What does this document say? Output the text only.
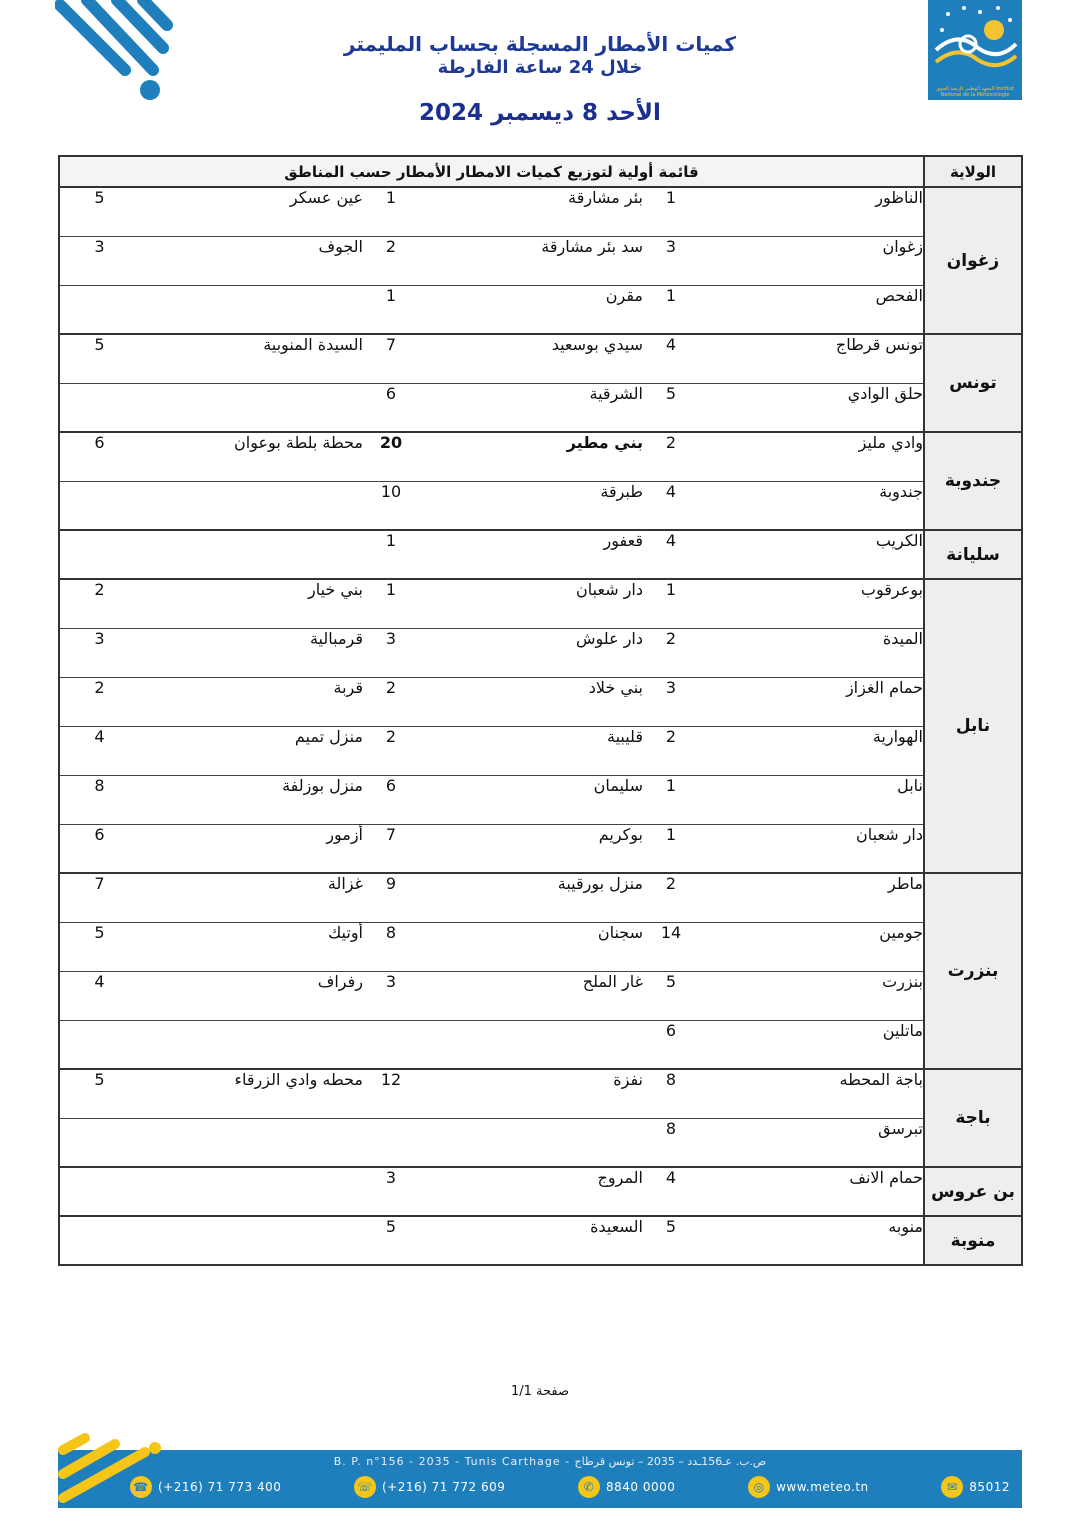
المعهد الوطني للرصد الجوي Institut National de la Météorologie
كميات الأمطار المسجلة بحساب المليمتر
خلال 24 ساعة الفارطة
الأحد 8 ديسمبر 2024
الولاية	قائمة أولية لتوزيع كميات الامطار الأمطار حسب المناطق					
زغوان	الناظور	1	بئر مشارقة	1	عين عسكر	5

	زغوان	3	سد بئر مشارقة	2	الجوف	3

	الفحص	1	مقرن	1		

تونس	تونس قرطاج	4	سيدي بوسعيد	7	السيدة المنوبية	5

	حلق الوادي	5	الشرقية	6		

جندوبة	وادي مليز	2	بني مطير	20	محطة بلطة بوعوان	6

	جندوبة	4	طبرقة	10		

سليانة	الكريب	4	قعفور	1		

نابل	بوعرقوب	1	دار شعبان	1	بني خيار	2

	الميدة	2	دار علوش	3	قرمبالية	3

	حمام الغزاز	3	بني خلاد	2	قربة	2

	الهوارية	2	قليبية	2	منزل تميم	4

	نابل	1	سليمان	6	منزل بوزلفة	8

	دار شعبان	1	بوكريم	7	أزمور	6

بنزرت	ماطر	2	منزل بورقيبة	9	غزالة	7

	جومين	14	سجنان	8	أوتيك	5

	بنزرت	5	غار الملح	3	رفراف	4

	ماتلين	6				

باجة	باجة المحطه	8	نفزة	12	محطه وادي الزرقاء	5

	تبرسق	8				

بن عروس	حمام الانف	4	المروج	3		

منوبة	منوبه	5	السعيدة	5		

صفحة 1/1
B. P. n°156 - 2035 - Tunis Carthage - ص.ب. عـ156ـدد – 2035 – تونس قرطاج
☎ (+216) 71 773 400	☏ (+216) 71 772 609	✆ 8840 0000	◎ www.meteo.tn	✉ 85012
